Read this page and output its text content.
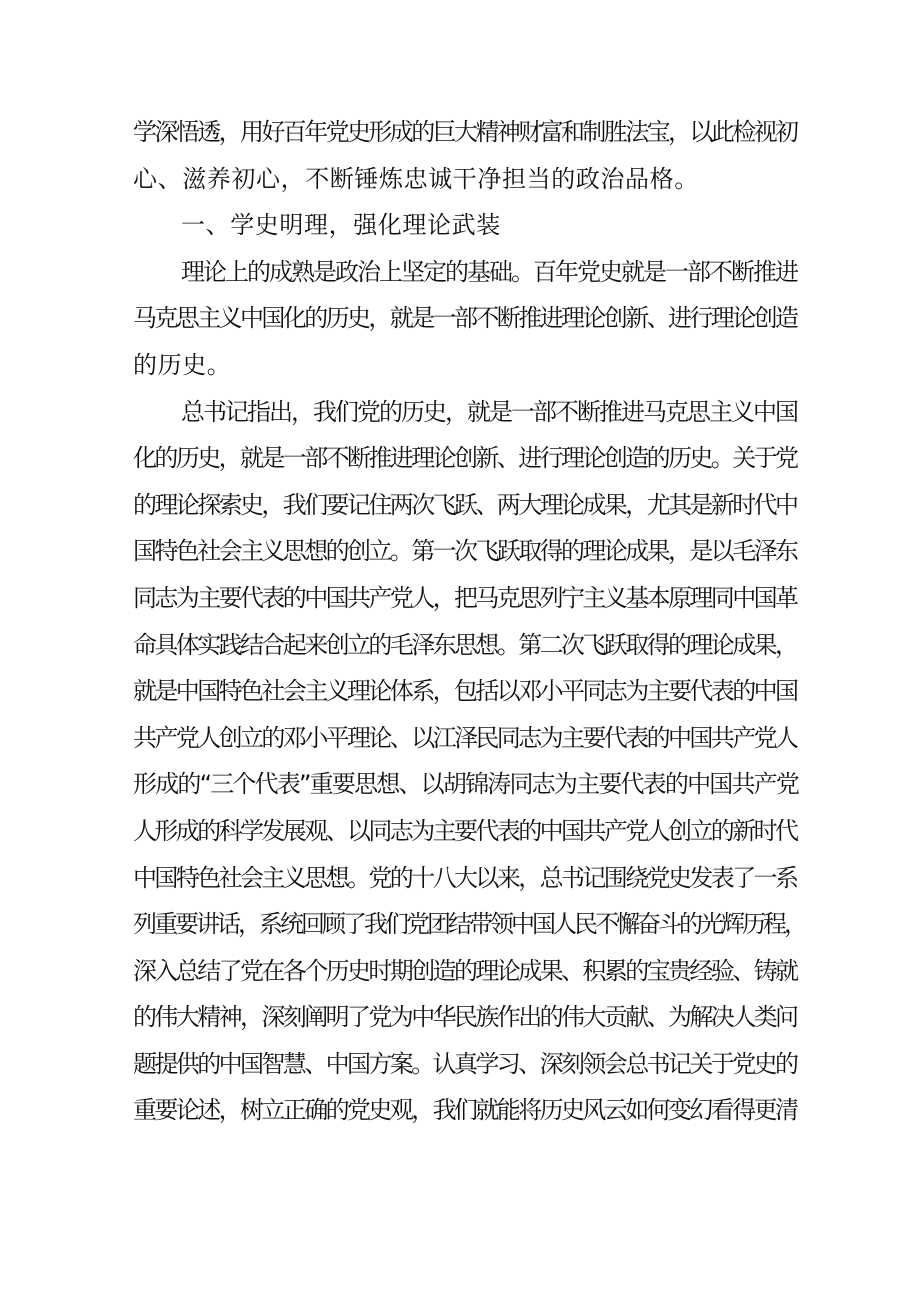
学深悟透，用好百年党史形成的巨大精神财富和制胜法宝，以此检视初
心、滋养初心，不断锤炼忠诚干净担当的政治品格。
一、学史明理，强化理论武装
理论上的成熟是政治上坚定的基础。百年党史就是一部不断推进
马克思主义中国化的历史，就是一部不断推进理论创新、进行理论创造
的历史。
总书记指出，我们党的历史，就是一部不断推进马克思主义中国
化的历史，就是一部不断推进理论创新、进行理论创造的历史。关于党
的理论探索史，我们要记住两次飞跃、两大理论成果，尤其是新时代中
国特色社会主义思想的创立。第一次飞跃取得的理论成果，是以毛泽东
同志为主要代表的中国共产党人，把马克思列宁主义基本原理同中国革
命具体实践结合起来创立的毛泽东思想。第二次飞跃取得的理论成果，
就是中国特色社会主义理论体系，包括以邓小平同志为主要代表的中国
共产党人创立的邓小平理论、以江泽民同志为主要代表的中国共产党人
形成的“三个代表”重要思想、以胡锦涛同志为主要代表的中国共产党
人形成的科学发展观、以同志为主要代表的中国共产党人创立的新时代
中国特色社会主义思想。党的十八大以来，总书记围绕党史发表了一系
列重要讲话，系统回顾了我们党团结带领中国人民不懈奋斗的光辉历程，
深入总结了党在各个历史时期创造的理论成果、积累的宝贵经验、铸就
的伟大精神，深刻阐明了党为中华民族作出的伟大贡献、为解决人类问
题提供的中国智慧、中国方案。认真学习、深刻领会总书记关于党史的
重要论述，树立正确的党史观，我们就能将历史风云如何变幻看得更清
